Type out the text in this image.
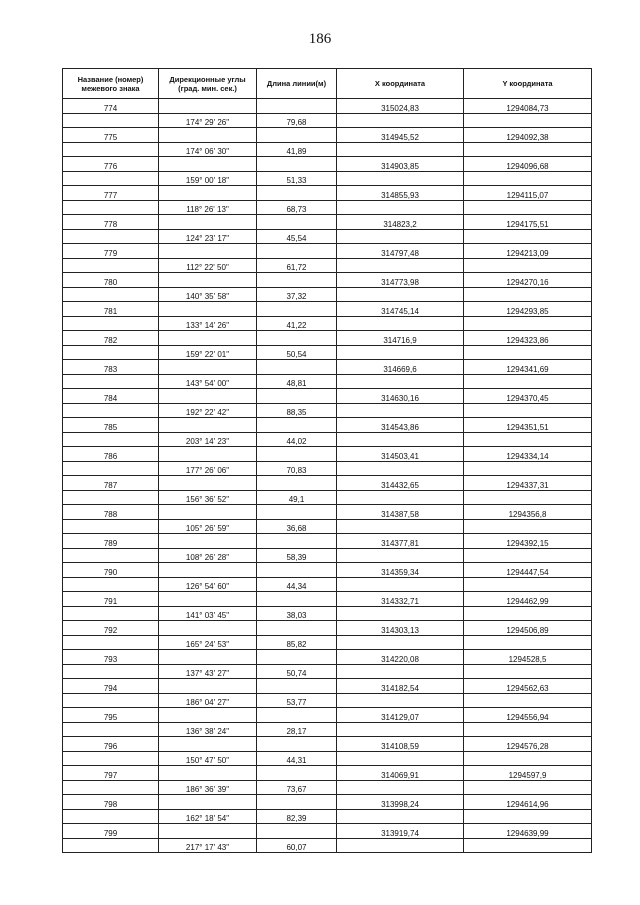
186
Название (номер) межевого знака	Дирекционные углы (град. мин. сек.)	Длина линии(м)	X координата	Y координата
774			315024,83	1294084,73
	174° 29' 26"	79,68		
775			314945,52	1294092,38
	174° 06' 30"	41,89		
776			314903,85	1294096,68
	159° 00' 18"	51,33		
777			314855,93	1294115,07
	118° 26' 13"	68,73		
778			314823,2	1294175,51
	124° 23' 17"	45,54		
779			314797,48	1294213,09
	112° 22' 50"	61,72		
780			314773,98	1294270,16
	140° 35' 58"	37,32		
781			314745,14	1294293,85
	133° 14' 26"	41,22		
782			314716,9	1294323,86
	159° 22' 01"	50,54		
783			314669,6	1294341,69
	143° 54' 00"	48,81		
784			314630,16	1294370,45
	192° 22' 42"	88,35		
785			314543,86	1294351,51
	203° 14' 23"	44,02		
786			314503,41	1294334,14
	177° 26' 06"	70,83		
787			314432,65	1294337,31
	156° 36' 52"	49,1		
788			314387,58	1294356,8
	105° 26' 59"	36,68		
789			314377,81	1294392,15
	108° 26' 28"	58,39		
790			314359,34	1294447,54
	126° 54' 60"	44,34		
791			314332,71	1294462,99
	141° 03' 45"	38,03		
792			314303,13	1294506,89
	165° 24' 53"	85,82		
793			314220,08	1294528,5
	137° 43' 27"	50,74		
794			314182,54	1294562,63
	186° 04' 27"	53,77		
795			314129,07	1294556,94
	136° 38' 24"	28,17		
796			314108,59	1294576,28
	150° 47' 50"	44,31		
797			314069,91	1294597,9
	186° 36' 39"	73,67		
798			313998,24	1294614,96
	162° 18' 54"	82,39		
799			313919,74	1294639,99
	217° 17' 43"	60,07		
